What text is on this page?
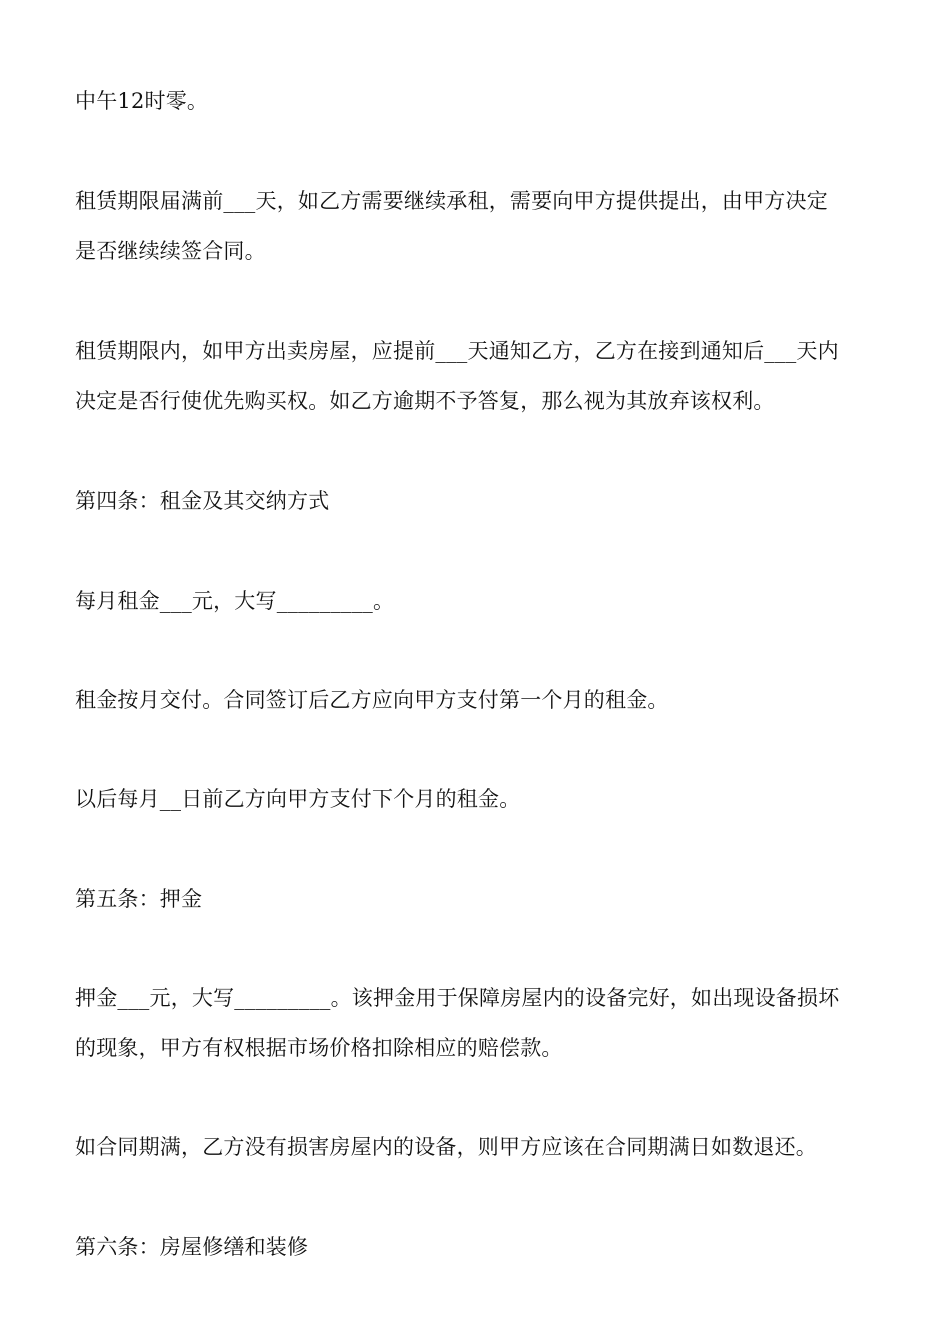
中午12时零。
租赁期限届满前___天，如乙方需要继续承租，需要向甲方提供提出，由甲方决定
是否继续续签合同。
租赁期限内，如甲方出卖房屋，应提前___天通知乙方，乙方在接到通知后___天内
决定是否行使优先购买权。如乙方逾期不予答复，那么视为其放弃该权利。
第四条：租金及其交纳方式
每月租金___元，大写_________。
租金按月交付。合同签订后乙方应向甲方支付第一个月的租金。
以后每月__日前乙方向甲方支付下个月的租金。
第五条：押金
押金___元，大写_________。该押金用于保障房屋内的设备完好，如出现设备损坏
的现象，甲方有权根据市场价格扣除相应的赔偿款。
如合同期满，乙方没有损害房屋内的设备，则甲方应该在合同期满日如数退还。
第六条：房屋修缮和装修
